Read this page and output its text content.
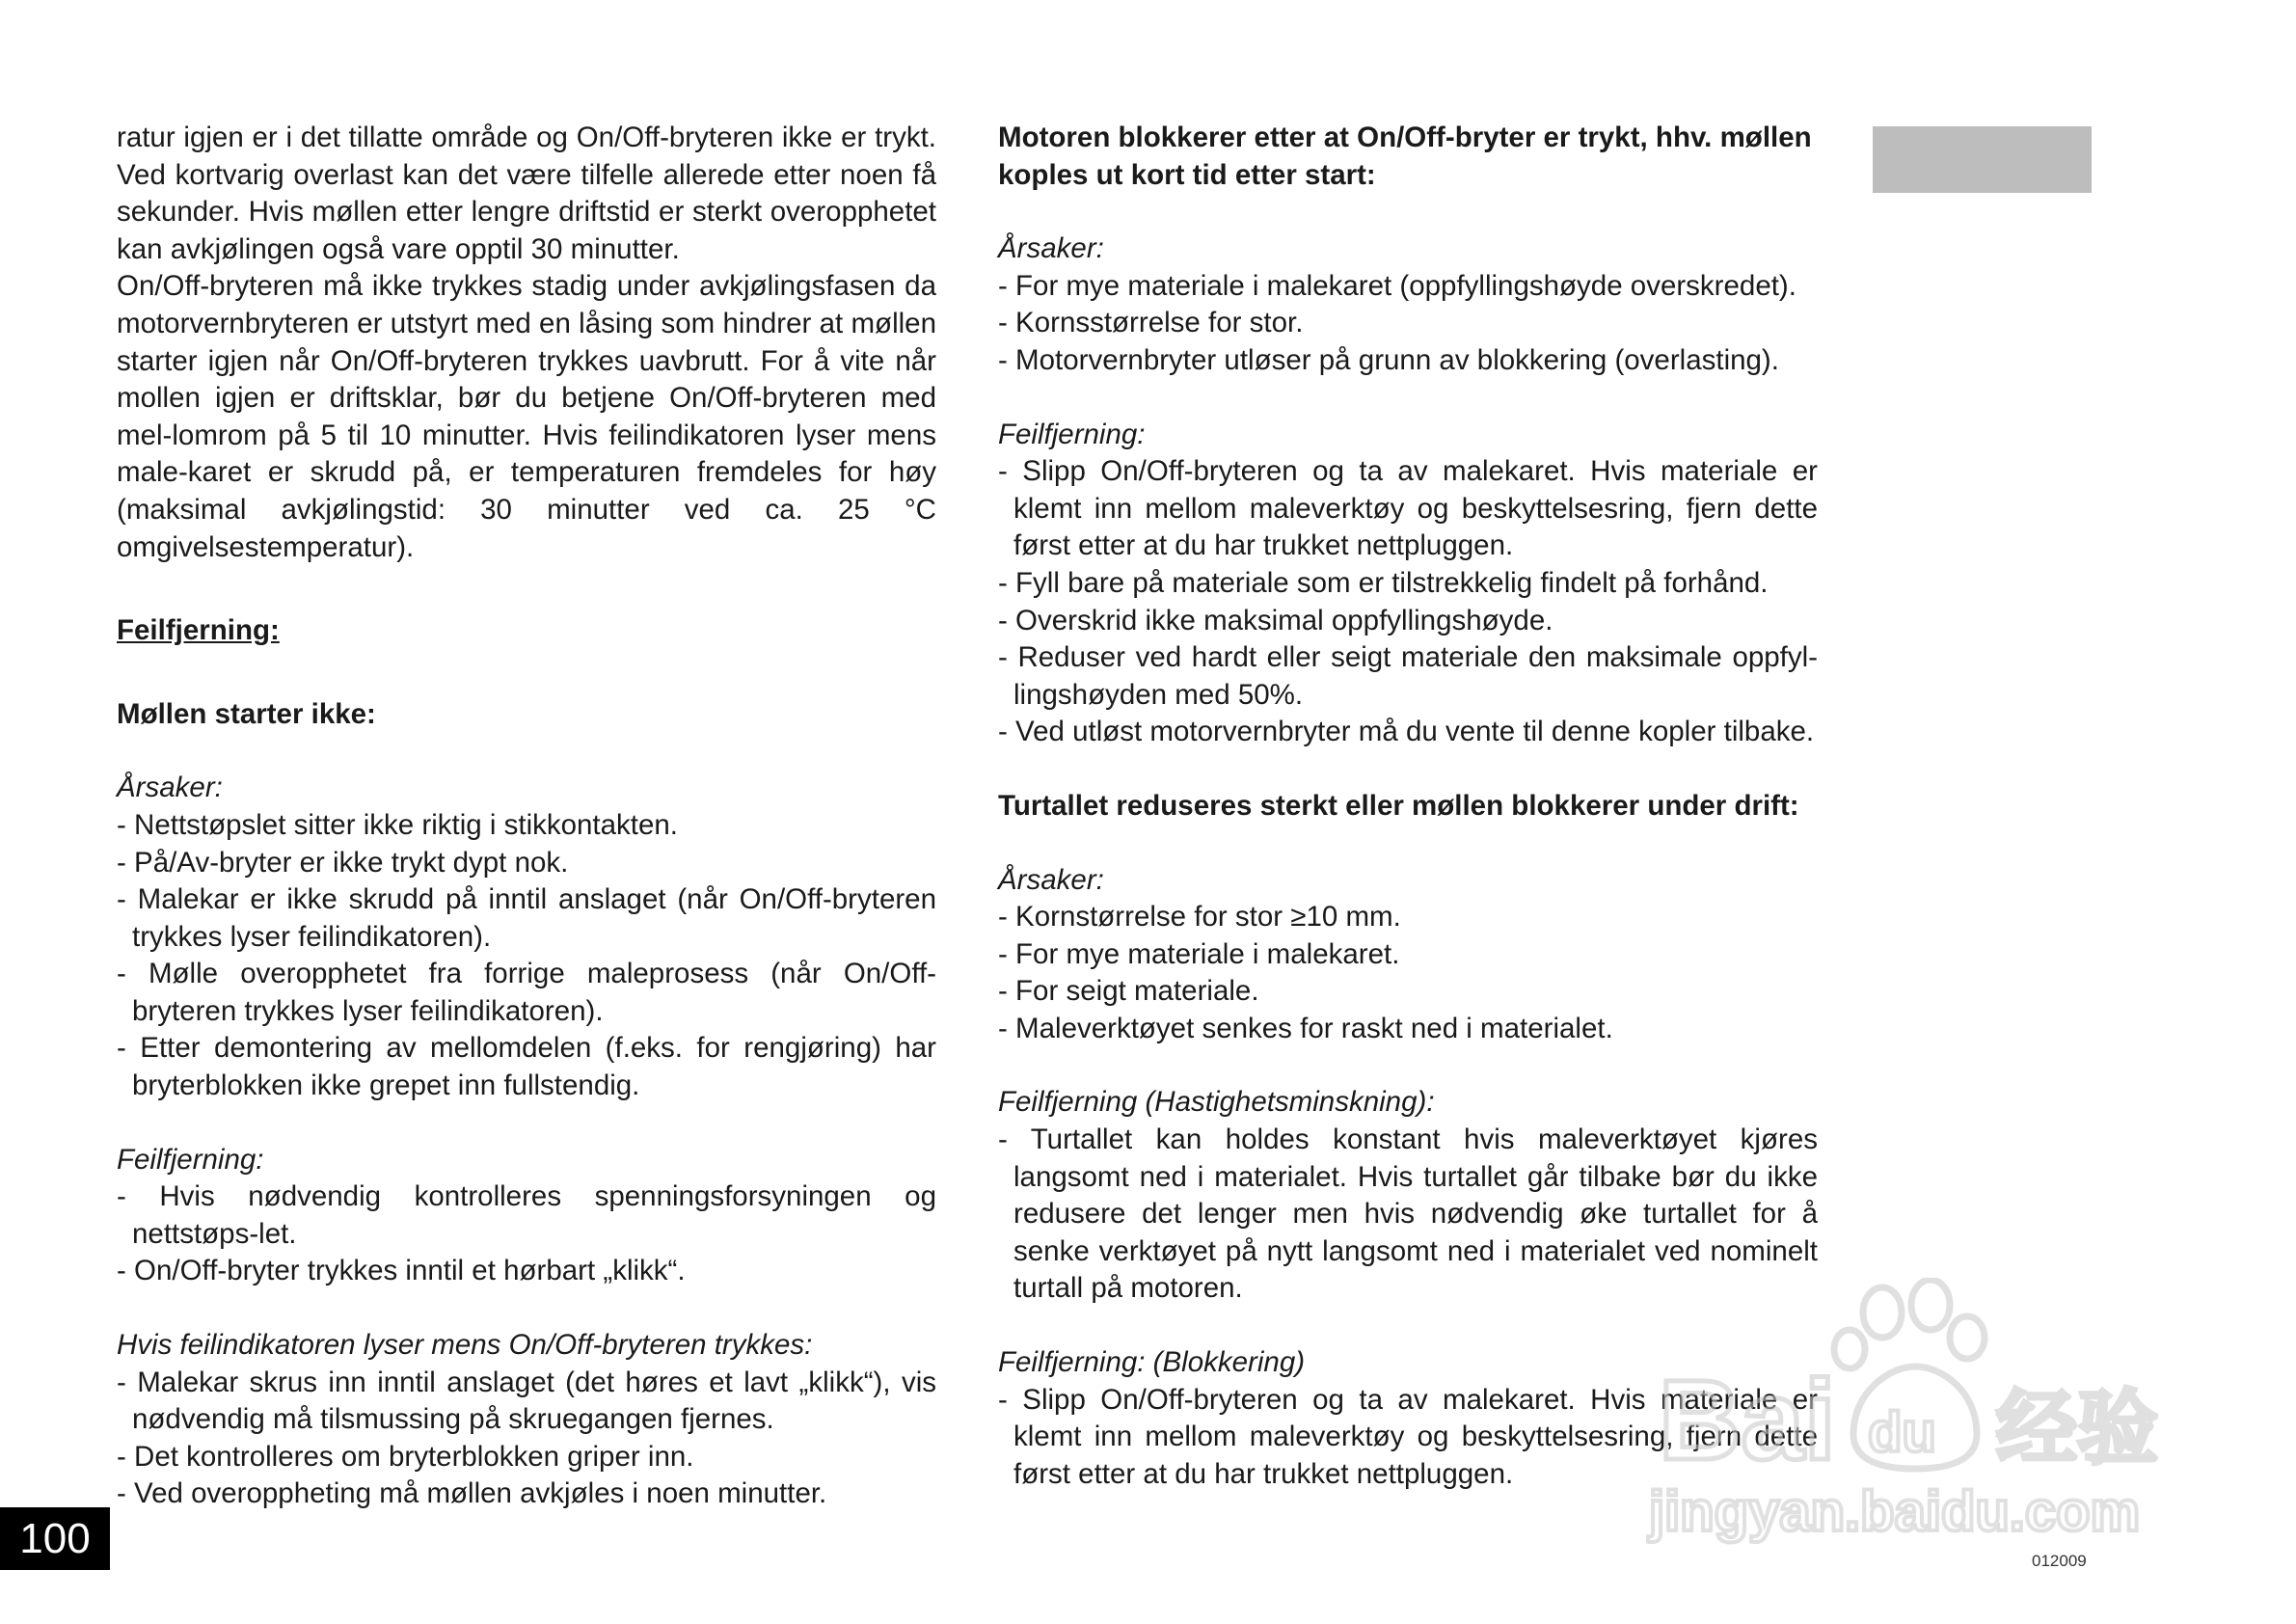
ratur igjen er i det tillatte område og On/Off-bryteren ikke er trykt. Ved kortvarig overlast kan det være tilfelle allerede etter noen få sekunder. Hvis møllen etter lengre driftstid er sterkt overopphetet kan avkjølingen også vare opptil 30 minutter.

On/Off-bryteren må ikke trykkes stadig under avkjølingsfasen da motorvernbryteren er utstyrt med en låsing som hindrer at møllen starter igjen når On/Off-bryteren trykkes uavbrutt. For å vite når mollen igjen er driftsklar, bør du betjene On/Off-bryteren med mel-lomrom på 5 til 10 minutter. Hvis feilindikatoren lyser mens male-karet er skrudd på, er temperaturen fremdeles for høy (maksimal avkjølingstid: 30 minutter ved ca. 25 °C omgivelsestemperatur).

Feilfjerning:

Møllen starter ikke:

Årsaker:

- Nettstøpslet sitter ikke riktig i stikkontakten.
- På/Av-bryter er ikke trykt dypt nok.
- Malekar er ikke skrudd på inntil anslaget (når On/Off-bryteren trykkes lyser feilindikatoren).
- Mølle overopphetet fra forrige maleprosess (når On/Off-bryteren trykkes lyser feilindikatoren).
- Etter demontering av mellomdelen (f.eks. for rengjøring) har bryterblokken ikke grepet inn fullstendig.

Feilfjerning:

- Hvis nødvendig kontrolleres spenningsforsyningen og nettstøps-let.
- On/Off-bryter trykkes inntil et hørbart „klikk“.

Hvis feilindikatoren lyser mens On/Off-bryteren trykkes:

- Malekar skrus inn inntil anslaget (det høres et lavt „klikk“), vis nødvendig må tilsmussing på skruegangen fjernes.
- Det kontrolleres om bryterblokken griper inn.
- Ved overoppheting må møllen avkjøles i noen minutter.

Motoren blokkerer etter at On/Off-bryter er trykt, hhv. møllen koples ut kort tid etter start:

Årsaker:

- For mye materiale i malekaret (oppfyllingshøyde overskredet).
- Kornsstørrelse for stor.
- Motorvernbryter utløser på grunn av blokkering (overlasting).

Feilfjerning:

- Slipp On/Off-bryteren og ta av malekaret. Hvis materiale er klemt inn mellom maleverktøy og beskyttelsesring, fjern dette først etter at du har trukket nettpluggen.
- Fyll bare på materiale som er tilstrekkelig findelt på forhånd.
- Overskrid ikke maksimal oppfyllingshøyde.
- Reduser ved hardt eller seigt materiale den maksimale oppfyl-lingshøyden med 50%.
- Ved utløst motorvernbryter må du vente til denne kopler tilbake.

Turtallet reduseres sterkt eller møllen blokkerer under drift:

Årsaker:

- Kornstørrelse for stor ≥10 mm.
- For mye materiale i malekaret.
- For seigt materiale.
- Maleverktøyet senkes for raskt ned i materialet.

Feilfjerning (Hastighetsminskning):

- Turtallet kan holdes konstant hvis maleverktøyet kjøres langsomt ned i materialet. Hvis turtallet går tilbake bør du ikke redusere det lenger men hvis nødvendig øke turtallet for å senke verktøyet på nytt langsomt ned i materialet ved nominelt turtall på motoren.

Feilfjerning: (Blokkering)

- Slipp On/Off-bryteren og ta av malekaret. Hvis materiale er klemt inn mellom maleverktøy og beskyttelsesring, fjern dette først etter at du har trukket nettpluggen.
100	012009
Bai du 经验
jingyan.baidu.com
